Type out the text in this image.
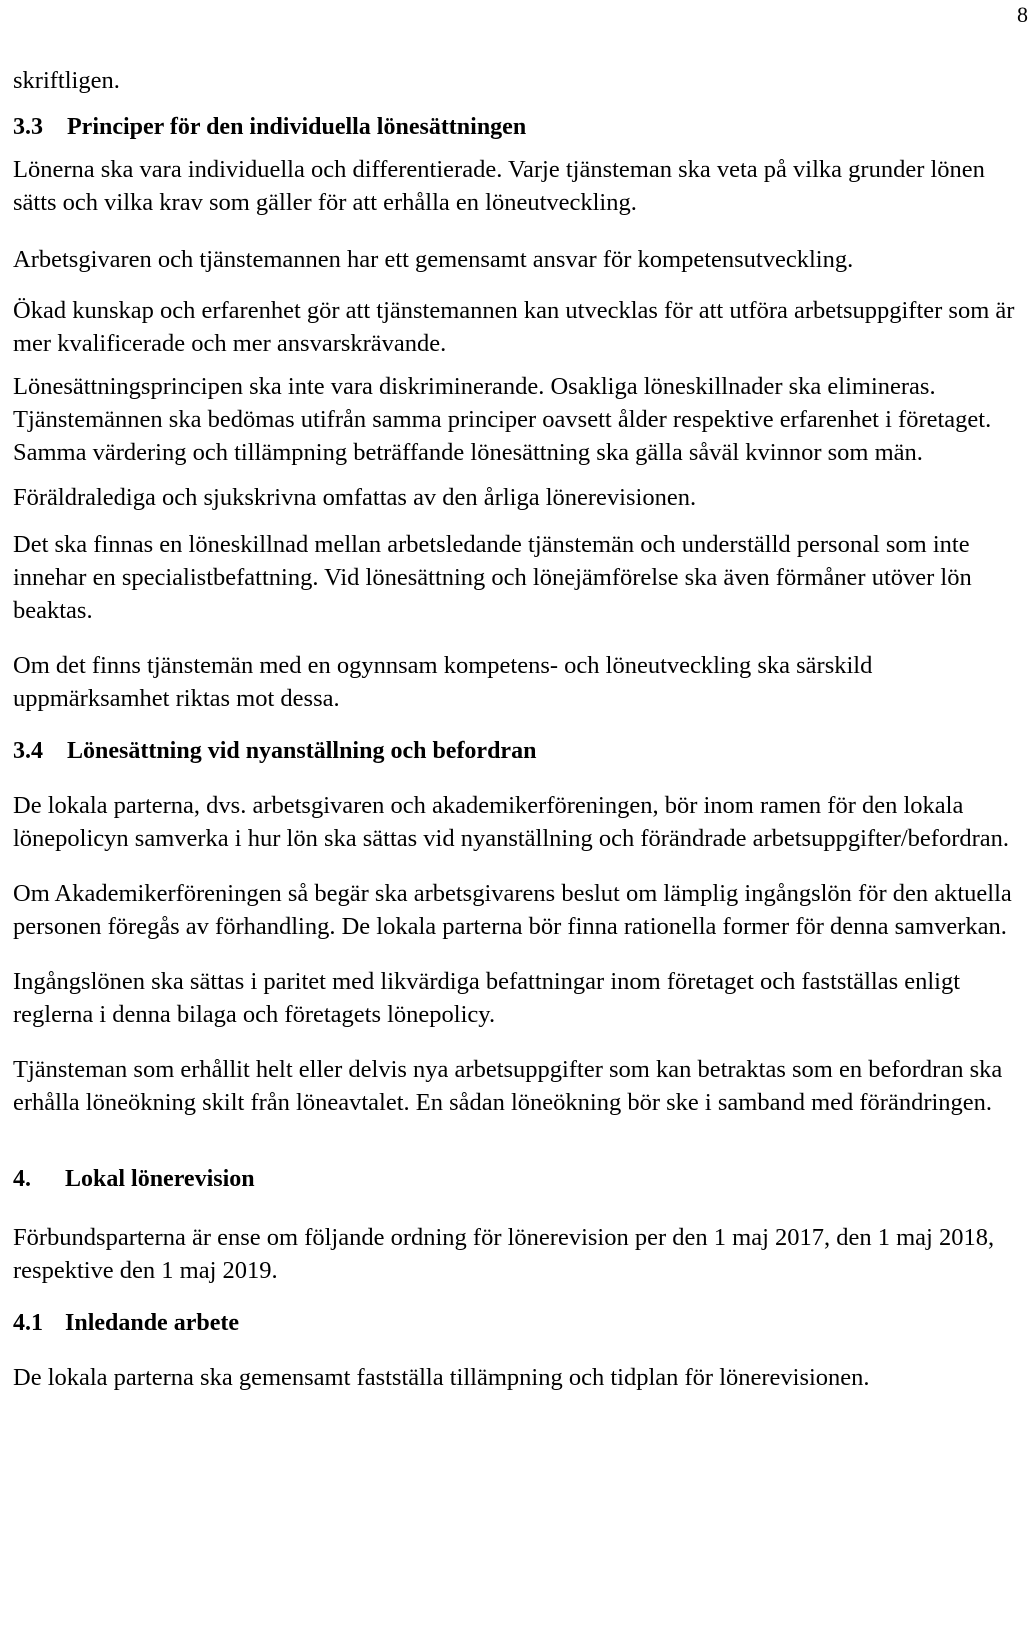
8

skriftligen.

3.3	Principer för den individuella lönesättningen

Lönerna ska vara individuella och differentierade. Varje tjänsteman ska veta på vilka grunder lönen sätts och vilka krav som gäller för att erhålla en löneutveckling.

Arbetsgivaren och tjänstemannen har ett gemensamt ansvar för kompetensutveckling.

Ökad kunskap och erfarenhet gör att tjänstemannen kan utvecklas för att utföra arbetsuppgifter som är mer kvalificerade och mer ansvarskrävande.

Lönesättningsprincipen ska inte vara diskriminerande. Osakliga löneskillnader ska elimineras. Tjänstemännen ska bedömas utifrån samma principer oavsett ålder respektive erfarenhet i företaget. Samma värdering och tillämpning beträffande lönesättning ska gälla såväl kvinnor som män.

Föräldralediga och sjukskrivna omfattas av den årliga lönerevisionen.

Det ska finnas en löneskillnad mellan arbetsledande tjänstemän och underställd personal som inte innehar en specialistbefattning. Vid lönesättning och lönejämförelse ska även förmåner utöver lön beaktas.

Om det finns tjänstemän med en ogynnsam kompetens- och löneutveckling ska särskild uppmärksamhet riktas mot dessa.

3.4	Lönesättning vid nyanställning och befordran

De lokala parterna, dvs. arbetsgivaren och akademikerföreningen, bör inom ramen för den lokala lönepolicyn samverka i hur lön ska sättas vid nyanställning och förändrade arbetsuppgifter/befordran.

Om Akademikerföreningen så begär ska arbetsgivarens beslut om lämplig ingångslön för den aktuella personen föregås av förhandling. De lokala parterna bör finna rationella former för denna samverkan.

Ingångslönen ska sättas i paritet med likvärdiga befattningar inom företaget och fastställas enligt reglerna i denna bilaga och företagets lönepolicy.

Tjänsteman som erhållit helt eller delvis nya arbetsuppgifter som kan betraktas som en befordran ska erhålla löneökning skilt från löneavtalet. En sådan löneökning bör ske i samband med förändringen.

4.	Lokal lönerevision

Förbundsparterna är ense om följande ordning för lönerevision per den 1 maj 2017, den 1 maj 2018, respektive den 1 maj 2019.

4.1 Inledande arbete

De lokala parterna ska gemensamt fastställa tillämpning och tidplan för lönerevisionen.
